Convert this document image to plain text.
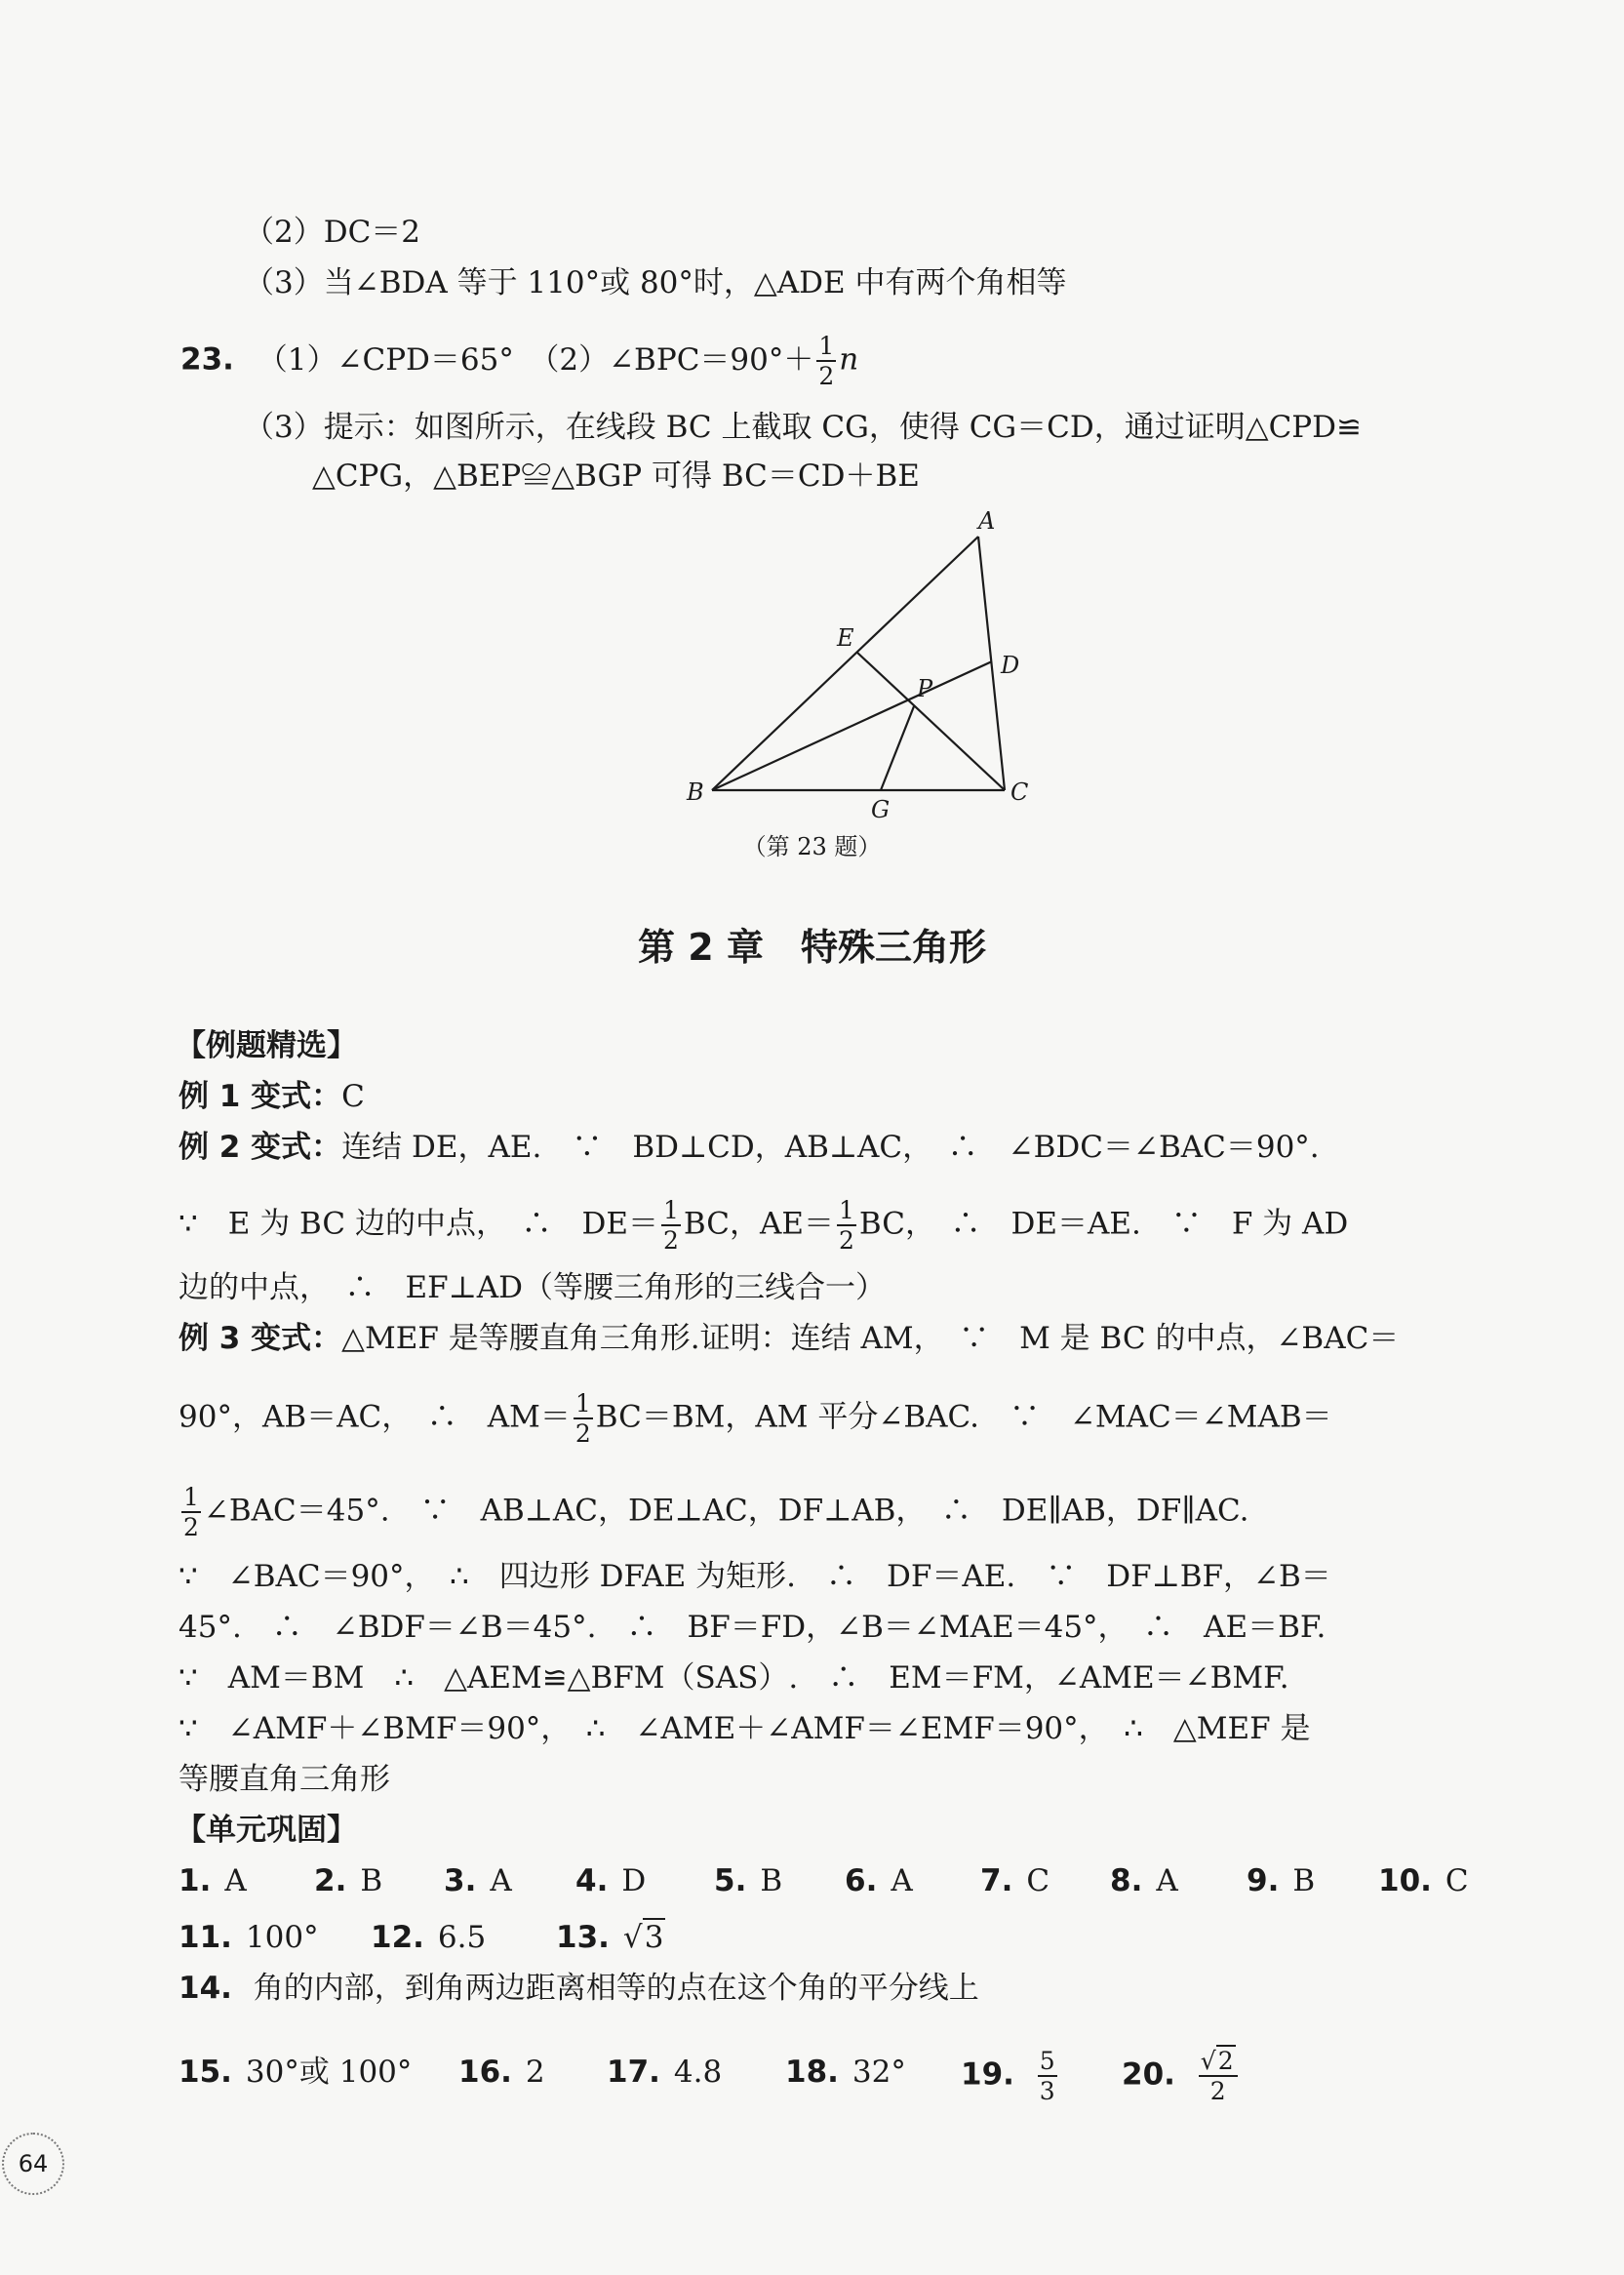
（2）DC＝2
（3）当∠BDA 等于 110°或 80°时，△ADE 中有两个角相等
23. （1）∠CPD＝65°　（2）∠BPC＝90°＋ $\frac{1}{2}$ n
（3）提示：如图所示，在线段 BC 上截取 CG，使得 CG＝CD，通过证明△CPD≌
△CPG，△BEP≌△BGP 可得 BC＝CD＋BE
A
B	C
D
E
P
G
（第 23 题）
第 2 章　特殊三角形
【例题精选】
例 1 变式：C
例 2 变式：连结 DE，AE.　∵　BD⊥CD，AB⊥AC，　∴　∠BDC＝∠BAC＝90°.
∵　E 为 BC 边的中点，　∴　$DE= \frac{1}{2}$ BC，$AE= \frac{1}{2}$ BC，　∴　DE＝AE.　∵　F 为 AD
边的中点，　∴　EF⊥AD（等腰三角形的三线合一）
例 3 变式：△MEF 是等腰直角三角形.证明：连结 AM，　∵　M 是 BC 的中点，∠BAC＝
90°，AB＝AC，　∴　$AM= \frac{1}{2} BC=BM$，AM 平分∠BAC.　∵　∠MAC＝∠MAB＝
$\frac{1}{2}$ ∠BAC＝45°.　∵　AB⊥AC，DE⊥AC，DF⊥AB，　∴　DE∥AB，DF∥AC.
∵　∠BAC＝90°，　∴　四边形 DFAE 为矩形.　∴　DF＝AE.　∵　DF⊥BF，∠B＝
45°.　∴　∠BDF＝∠B＝45°.　∴　BF＝FD，∠B＝∠MAE＝45°，　∴　AE＝BF.
∵　AM＝BM　∴　△AEM≌△BFM（SAS）.　∴　EM＝FM，∠AME＝∠BMF.
∵　∠AMF＋∠BMF＝90°，　∴　∠AME＋∠AMF＝∠EMF＝90°，　∴　△MEF 是
等腰直角三角形
【单元巩固】
1. A 2. B 3. A 4. D 5. B 6. A 7. C 8. A 9. B 10. C
11. 100° 12. 6.5 13. √3
14. 角的内部，到角两边距离相等的点在这个角的平分线上
15. 30°或 100° 16. 2 17. 4.8 18. 32° 19. $\frac{5}{3} 20$. $\frac{√2}{2}$
64
